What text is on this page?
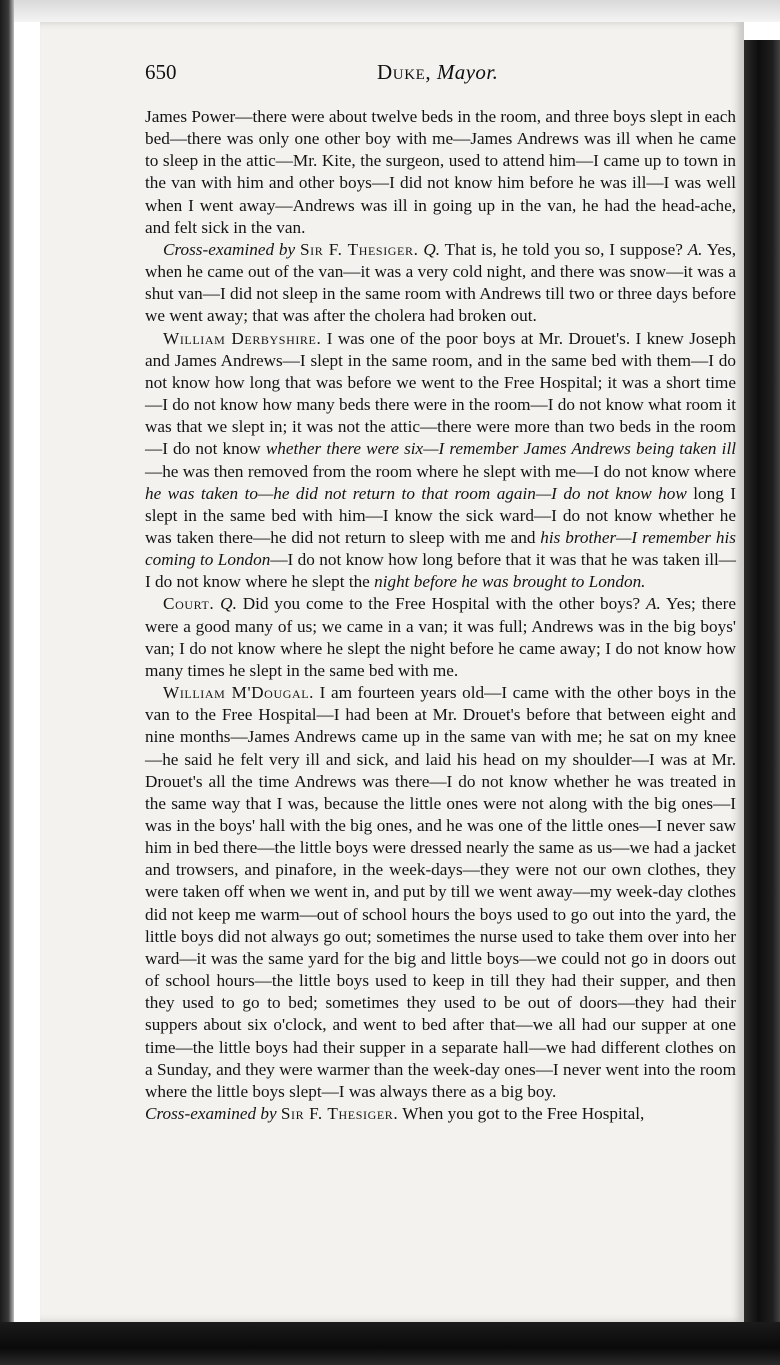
650	Duke, Mayor.

James Power—there were about twelve beds in the room, and three boys slept in each bed—there was only one other boy with me—James Andrews was ill when he came to sleep in the attic—Mr. Kite, the surgeon, used to attend him—I came up to town in the van with him and other boys—I did not know him before he was ill—I was well when I went away—Andrews was ill in going up in the van, he had the head-ache, and felt sick in the van.

Cross-examined by Sir F. Thesiger. Q. That is, he told you so, I suppose? A. Yes, when he came out of the van—it was a very cold night, and there was snow—it was a shut van—I did not sleep in the same room with Andrews till two or three days before we went away; that was after the cholera had broken out.

William Derbyshire. I was one of the poor boys at Mr. Drouet's. I knew Joseph and James Andrews—I slept in the same room, and in the same bed with them—I do not know how long that was before we went to the Free Hospital; it was a short time—I do not know how many beds there were in the room—I do not know what room it was that we slept in; it was not the attic—there were more than two beds in the room—I do not know whether there were six—I remember James Andrews being taken ill—he was then removed from the room where he slept with me—I do not know where he was taken to—he did not return to that room again—I do not know how long I slept in the same bed with him—I know the sick ward—I do not know whether he was taken there—he did not return to sleep with me and his brother—I remember his coming to London—I do not know how long before that it was that he was taken ill—I do not know where he slept the night before he was brought to London.

Court. Q. Did you come to the Free Hospital with the other boys? A. Yes; there were a good many of us; we came in a van; it was full; Andrews was in the big boys' van; I do not know where he slept the night before he came away; I do not know how many times he slept in the same bed with me.

William M'Dougal. I am fourteen years old—I came with the other boys in the van to the Free Hospital—I had been at Mr. Drouet's before that between eight and nine months—James Andrews came up in the same van with me; he sat on my knee—he said he felt very ill and sick, and laid his head on my shoulder—I was at Mr. Drouet's all the time Andrews was there—I do not know whether he was treated in the same way that I was, because the little ones were not along with the big ones—I was in the boys' hall with the big ones, and he was one of the little ones—I never saw him in bed there—the little boys were dressed nearly the same as us—we had a jacket and trowsers, and pinafore, in the week-days—they were not our own clothes, they were taken off when we went in, and put by till we went away—my week-day clothes did not keep me warm—out of school hours the boys used to go out into the yard, the little boys did not always go out; sometimes the nurse used to take them over into her ward—it was the same yard for the big and little boys—we could not go in doors out of school hours—the little boys used to keep in till they had their supper, and then they used to go to bed; sometimes they used to be out of doors—they had their suppers about six o'clock, and went to bed after that—we all had our supper at one time—the little boys had their supper in a separate hall—we had different clothes on a Sunday, and they were warmer than the week-day ones—I never went into the room where the little boys slept—I was always there as a big boy.

Cross-examined by Sir F. Thesiger. When you got to the Free Hospital,
